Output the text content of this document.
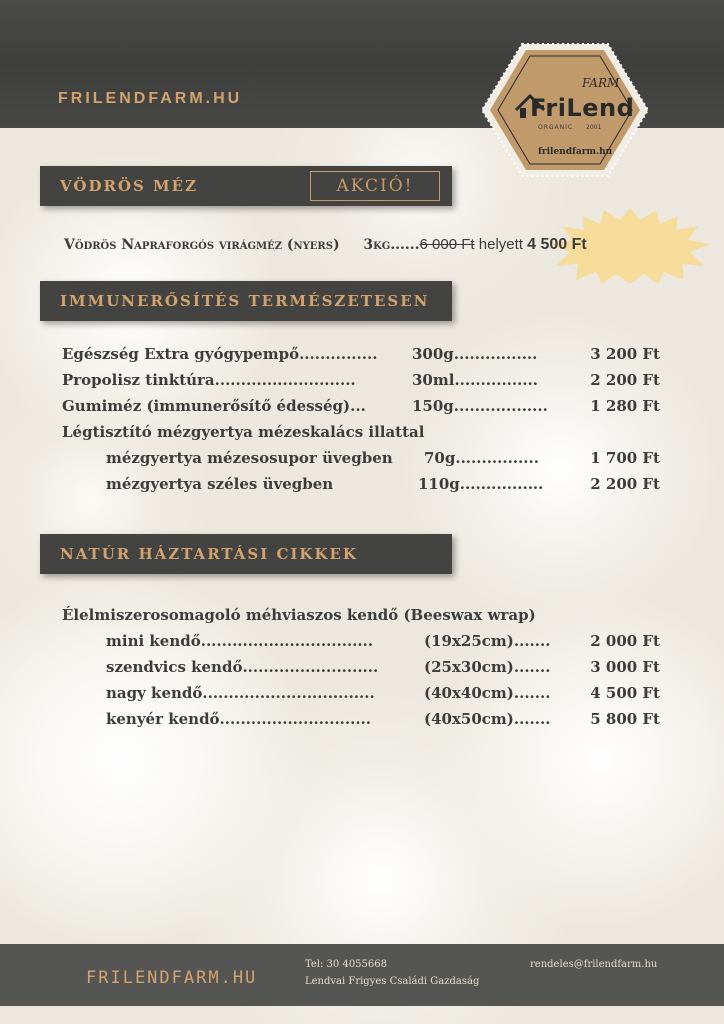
FRILENDFARM.HU
FARM
FriLend
ORGANIC 2001
frilendfarm.hu
VÖDRÖS MÉZ	AKCIÓ!
Vödrös Napraforgós virágméz (nyers) 3kg......6 000 Ft helyett 4 500 Ft
IMMUNERŐSÍTÉS TERMÉSZETESEN
Egészség Extra gyógypempő............... 300g................	3 200 Ft
Propolisz tinktúra...........................	30ml................	2 200 Ft
Gumiméz (immunerősítő édesség)...	150g..................	1 280 Ft
Légtisztító mézgyertya mézeskalács illattal
mézgyertya mézesosupor üvegben 70g................	1 700 Ft
mézgyertya széles üvegben	110g................	2 200 Ft
NATÚR HÁZTARTÁSI CIKKEK
Élelmiszerosomagoló méhviaszos kendő (Beeswax wrap)
mini kendő.................................	(19x25cm).......	2 000 Ft
szendvics kendő..........................	(25x30cm).......	3 000 Ft
nagy kendő.................................	(40x40cm).......	4 500 Ft
kenyér kendő.............................	(40x50cm).......	5 800 Ft
FRILENDFARM.HU
Tel: 30 4055668
Lendvai Frigyes Családi Gazdaság
rendeles@frilendfarm.hu
